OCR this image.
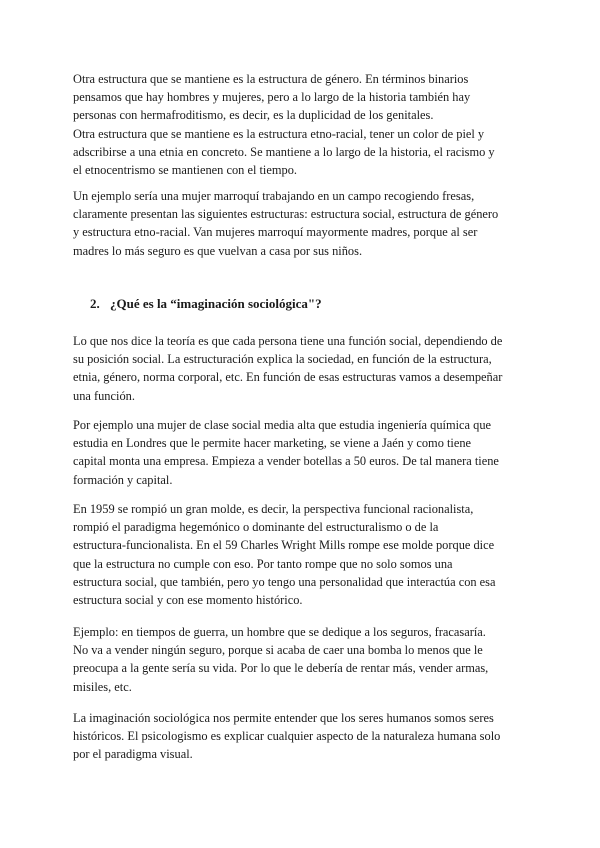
Otra estructura que se mantiene es la estructura de género. En términos binarios
pensamos que hay hombres y mujeres, pero a lo largo de la historia también hay
personas con hermafroditismo, es decir, es la duplicidad de los genitales.
Otra estructura que se mantiene es la estructura etno-racial, tener un color de piel y
adscribirse a una etnia en concreto. Se mantiene a lo largo de la historia, el racismo y
el etnocentrismo se mantienen con el tiempo.

Un ejemplo sería una mujer marroquí trabajando en un campo recogiendo fresas,
claramente presentan las siguientes estructuras: estructura social, estructura de género
y estructura etno-racial. Van mujeres marroquí mayormente madres, porque al ser
madres lo más seguro es que vuelvan a casa por sus niños.

2. ¿Qué es la “imaginación sociológica"?

Lo que nos dice la teoría es que cada persona tiene una función social, dependiendo de
su posición social. La estructuración explica la sociedad, en función de la estructura,
etnia, género, norma corporal, etc. En función de esas estructuras vamos a desempeñar
una función.

Por ejemplo una mujer de clase social media alta que estudia ingeniería química que
estudia en Londres que le permite hacer marketing, se viene a Jaén y como tiene
capital monta una empresa. Empieza a vender botellas a 50 euros. De tal manera tiene
formación y capital.

En 1959 se rompió un gran molde, es decir, la perspectiva funcional racionalista,
rompió el paradigma hegemónico o dominante del estructuralismo o de la
estructura-funcionalista. En el 59 Charles Wright Mills rompe ese molde porque dice
que la estructura no cumple con eso. Por tanto rompe que no solo somos una
estructura social, que también, pero yo tengo una personalidad que interactúa con esa
estructura social y con ese momento histórico.

Ejemplo: en tiempos de guerra, un hombre que se dedique a los seguros, fracasaría.
No va a vender ningún seguro, porque si acaba de caer una bomba lo menos que le
preocupa a la gente sería su vida. Por lo que le debería de rentar más, vender armas,
misiles, etc.

La imaginación sociológica nos permite entender que los seres humanos somos seres
históricos. El psicologismo es explicar cualquier aspecto de la naturaleza humana solo
por el paradigma visual.
